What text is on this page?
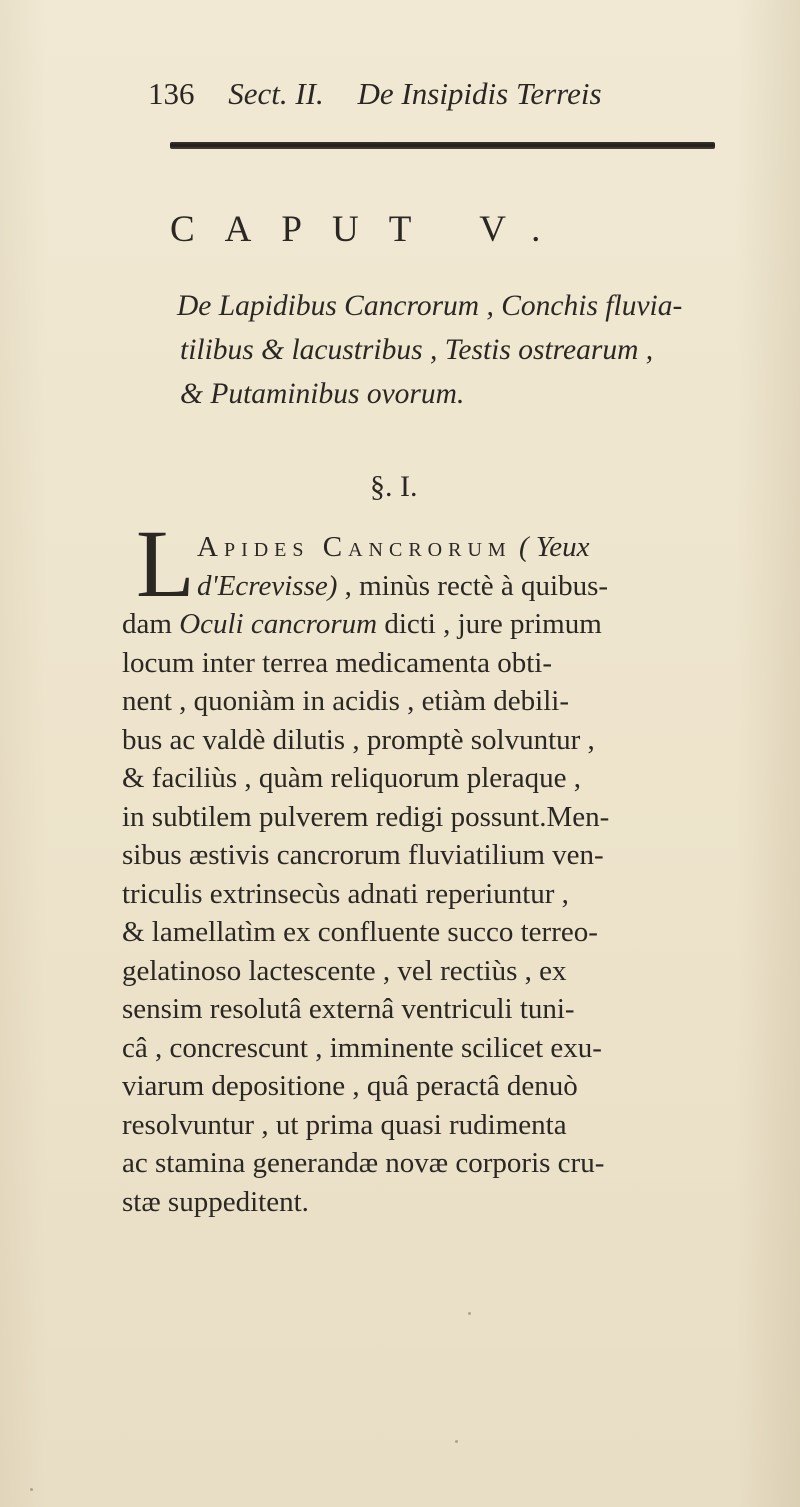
136 Sect. II. De Insipidis Terreis
CAPUT V.
De Lapidibus Cancrorum , Conchis fluvia-
tilibus & lacustribus , Testis ostrearum ,
& Putaminibus ovorum.
§. I.
L Apides Cancrorum ( Yeux
d'Ecrevisse) , minùs rectè à quibus-
dam Oculi cancrorum dicti , jure primum
locum inter terrea medicamenta obti-
nent , quoniàm in acidis , etiàm debili-
bus ac valdè dilutis , promptè solvuntur ,
& faciliùs , quàm reliquorum pleraque ,
in subtilem pulverem redigi possunt.Men-
sibus æstivis cancrorum fluviatilium ven-
triculis extrinsecùs adnati reperiuntur ,
& lamellatìm ex confluente succo terreo-
gelatinoso lactescente , vel rectiùs , ex
sensim resolutâ externâ ventriculi tuni-
câ , concrescunt , imminente scilicet exu-
viarum depositione , quâ peractâ denuò
resolvuntur , ut prima quasi rudimenta
ac stamina generandæ novæ corporis cru-
stæ suppeditent.
